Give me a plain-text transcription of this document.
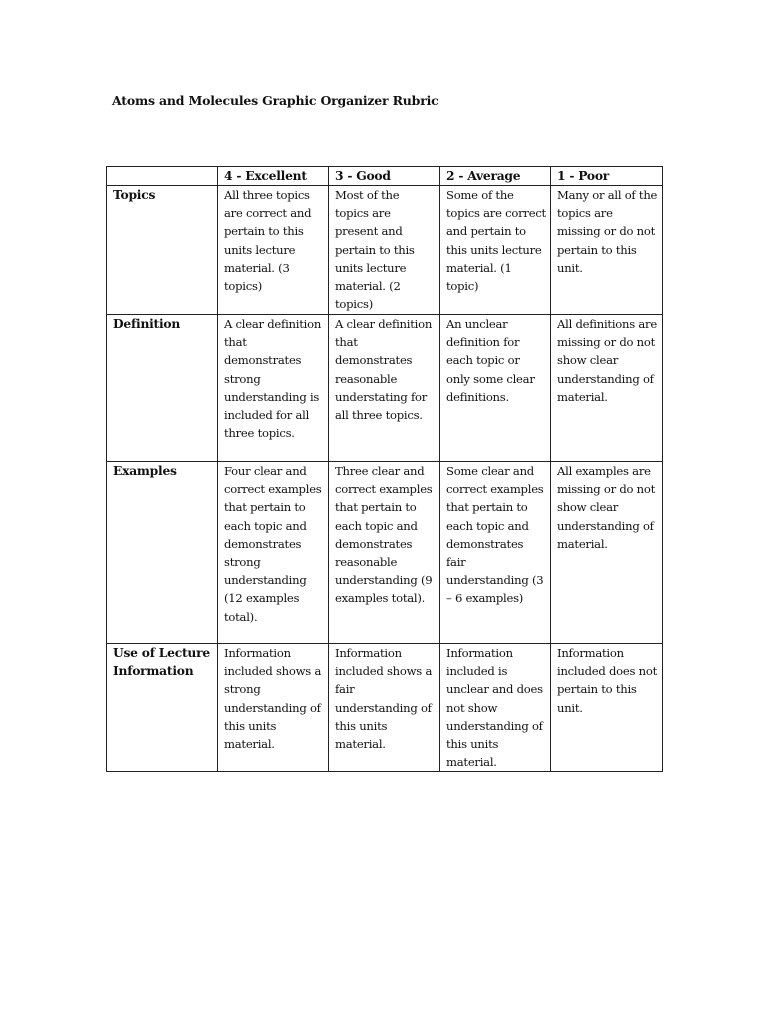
Atoms and Molecules Graphic Organizer Rubric
	4 - Excellent	3 - Good	2 - Average	1 - Poor
Topics	All three topics are correct and pertain to this units lecture material. (3 topics)	Most of the topics are present and pertain to this units lecture material. (2 topics)	Some of the topics are correct and pertain to this units lecture material. (1 topic)	Many or all of the topics are missing or do not pertain to this unit.
Definition	A clear definition that demonstrates strong understanding is included for all three topics.	A clear definition that demonstrates reasonable understating for all three topics.	An unclear definition for each topic or only some clear definitions.	All definitions are missing or do not show clear understanding of material.
Examples	Four clear and correct examples that pertain to each topic and demonstrates strong understanding (12 examples total).	Three clear and correct examples that pertain to each topic and demonstrates reasonable understanding (9 examples total).	Some clear and correct examples that pertain to each topic and demonstrates fair understanding (3 – 6 examples)	All examples are missing or do not show clear understanding of material.
Use of Lecture Information	Information included shows a strong understanding of this units material.	Information included shows a fair understanding of this units material.	Information included is unclear and does not show understanding of this units material.	Information included does not pertain to this unit.
